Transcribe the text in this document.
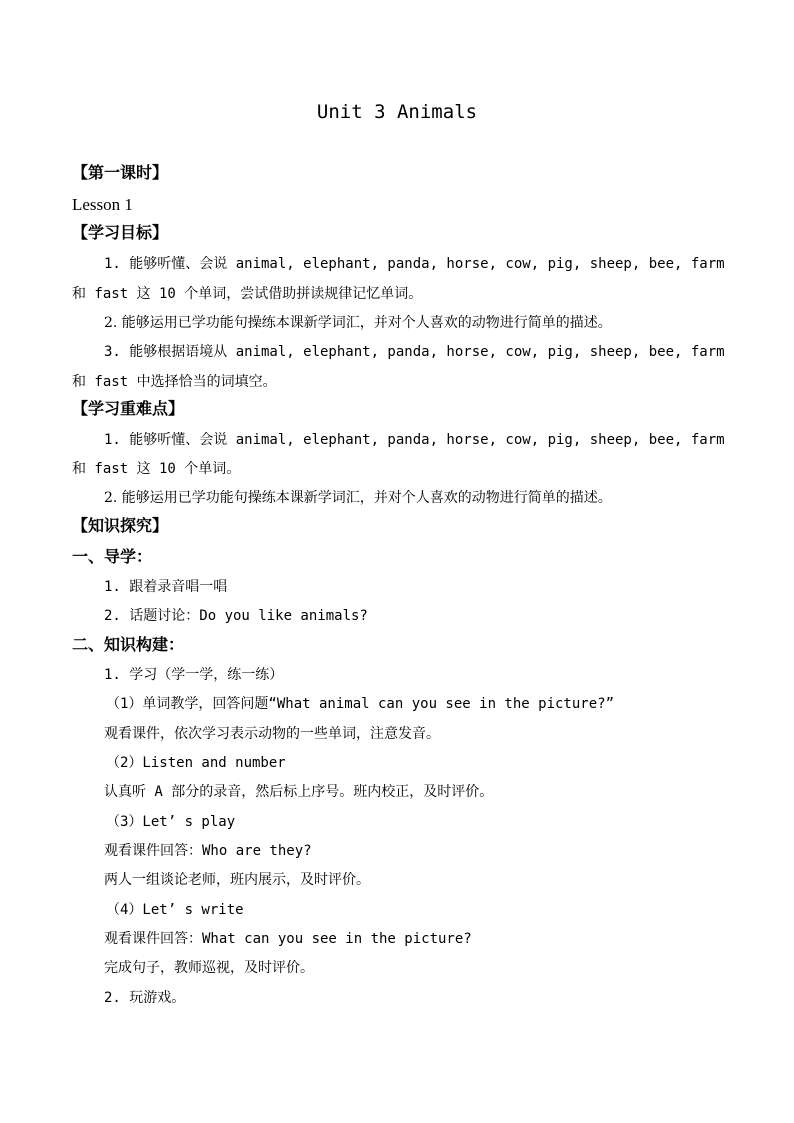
Unit 3 Animals
【第一课时】
Lesson 1
【学习目标】
1. 能够听懂、会说 animal, elephant, panda, horse, cow, pig, sheep, bee, farm
和 fast 这 10 个单词，尝试借助拼读规律记忆单词。
2. 能够运用已学功能句操练本课新学词汇，并对个人喜欢的动物进行简单的描述。
3. 能够根据语境从 animal, elephant, panda, horse, cow, pig, sheep, bee, farm
和 fast 中选择恰当的词填空。
【学习重难点】
1. 能够听懂、会说 animal, elephant, panda, horse, cow, pig, sheep, bee, farm
和 fast 这 10 个单词。
2. 能够运用已学功能句操练本课新学词汇，并对个人喜欢的动物进行简单的描述。
【知识探究】
一、导学：
1. 跟着录音唱一唱
2. 话题讨论：Do you like animals?
二、知识构建：
1. 学习（学一学，练一练）
（1）单词教学，回答问题“What animal can you see in the picture?”
观看课件，依次学习表示动物的一些单词，注意发音。
（2）Listen and number
认真听 A 部分的录音，然后标上序号。班内校正，及时评价。
（3）Let’ s play
观看课件回答：Who are they?
两人一组谈论老师，班内展示，及时评价。
（4）Let’ s write
观看课件回答：What can you see in the picture?
完成句子，教师巡视，及时评价。
2. 玩游戏。
